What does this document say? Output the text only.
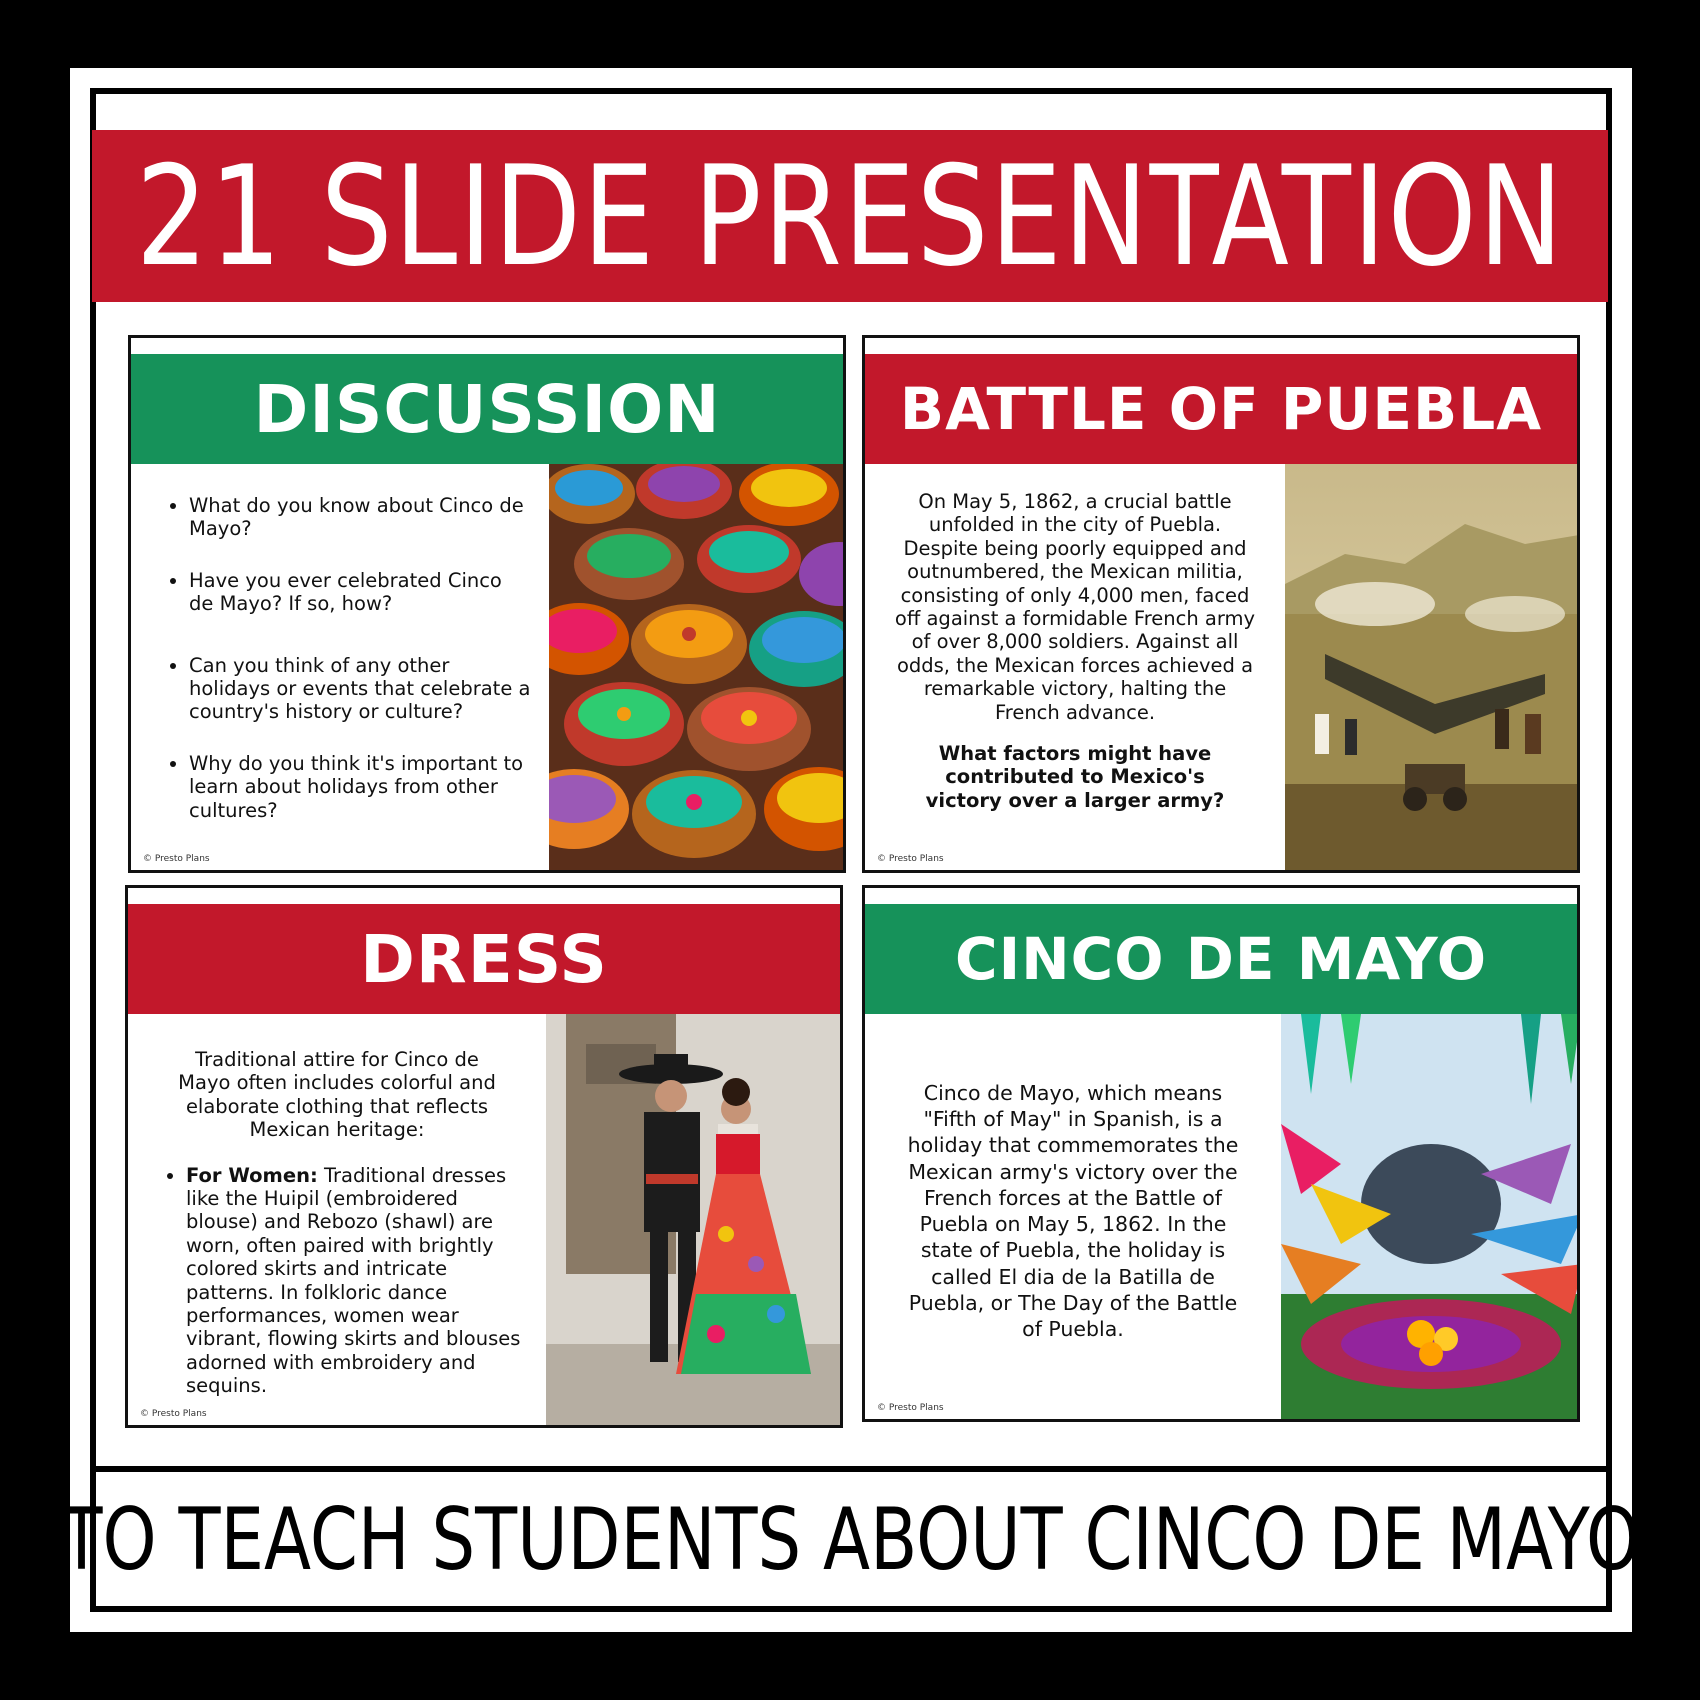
21 SLIDE PRESENTATION
DISCUSSION
• What do you know about Cinco de Mayo?
• Have you ever celebrated Cinco de Mayo? If so, how?
• Can you think of any other holidays or events that celebrate a country's history or culture?
• Why do you think it's important to learn about holidays from other cultures?
© Presto Plans
BATTLE OF PUEBLA
On May 5, 1862, a crucial battle unfolded in the city of Puebla. Despite being poorly equipped and outnumbered, the Mexican militia, consisting of only 4,000 men, faced off against a formidable French army of over 8,000 soldiers. Against all odds, the Mexican forces achieved a remarkable victory, halting the French advance.
What factors might have contributed to Mexico's victory over a larger army?
© Presto Plans
DRESS
Traditional attire for Cinco de Mayo often includes colorful and elaborate clothing that reflects Mexican heritage:
• For Women: Traditional dresses like the Huipil (embroidered blouse) and Rebozo (shawl) are worn, often paired with brightly colored skirts and intricate patterns. In folkloric dance performances, women wear vibrant, flowing skirts and blouses adorned with embroidery and sequins.
© Presto Plans
CINCO DE MAYO
Cinco de Mayo, which means "Fifth of May" in Spanish, is a holiday that commemorates the Mexican army's victory over the French forces at the Battle of Puebla on May 5, 1862. In the state of Puebla, the holiday is called El dia de la Batilla de Puebla, or The Day of the Battle of Puebla.
© Presto Plans
TO TEACH STUDENTS ABOUT CINCO DE MAYO
